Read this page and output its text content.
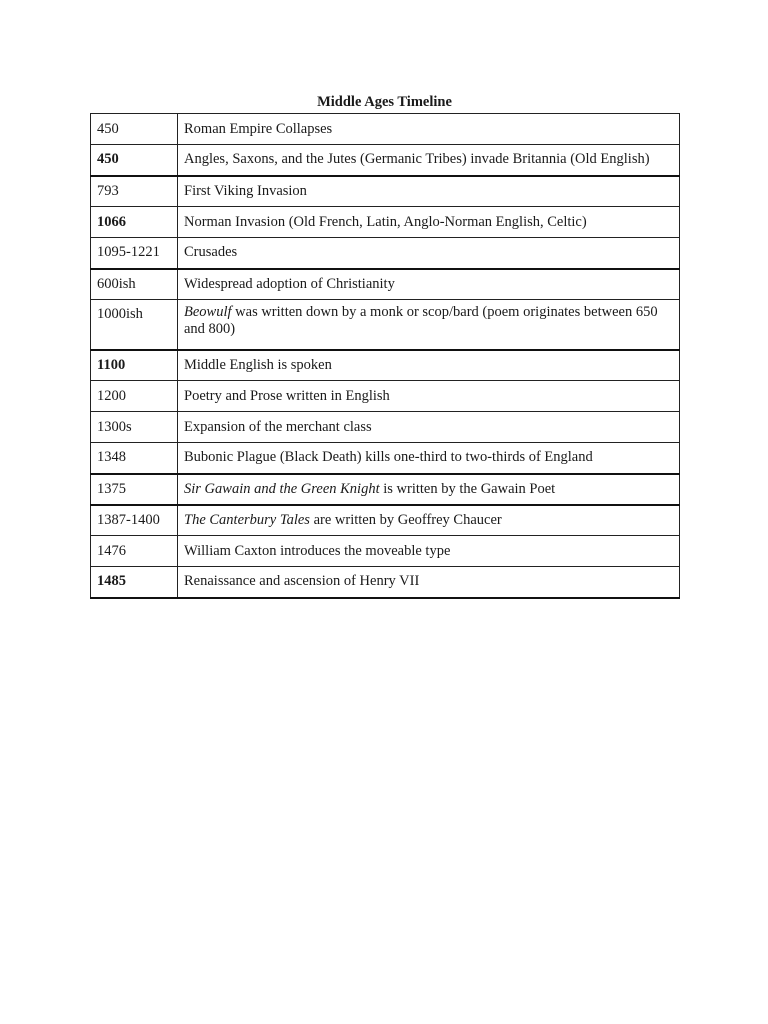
Middle Ages Timeline
450	Roman Empire Collapses
450	Angles, Saxons, and the Jutes (Germanic Tribes) invade Britannia (Old English)
793	First Viking Invasion
1066	Norman Invasion (Old French, Latin, Anglo-Norman English, Celtic)
1095-1221	Crusades
600ish	Widespread adoption of Christianity
1000ish	Beowulf was written down by a monk or scop/bard (poem originates between 650 and 800)
1100	Middle English is spoken
1200	Poetry and Prose written in English
1300s	Expansion of the merchant class
1348	Bubonic Plague (Black Death) kills one-third to two-thirds of England
1375	Sir Gawain and the Green Knight is written by the Gawain Poet
1387-1400	The Canterbury Tales are written by Geoffrey Chaucer
1476	William Caxton introduces the moveable type
1485	Renaissance and ascension of Henry VII
